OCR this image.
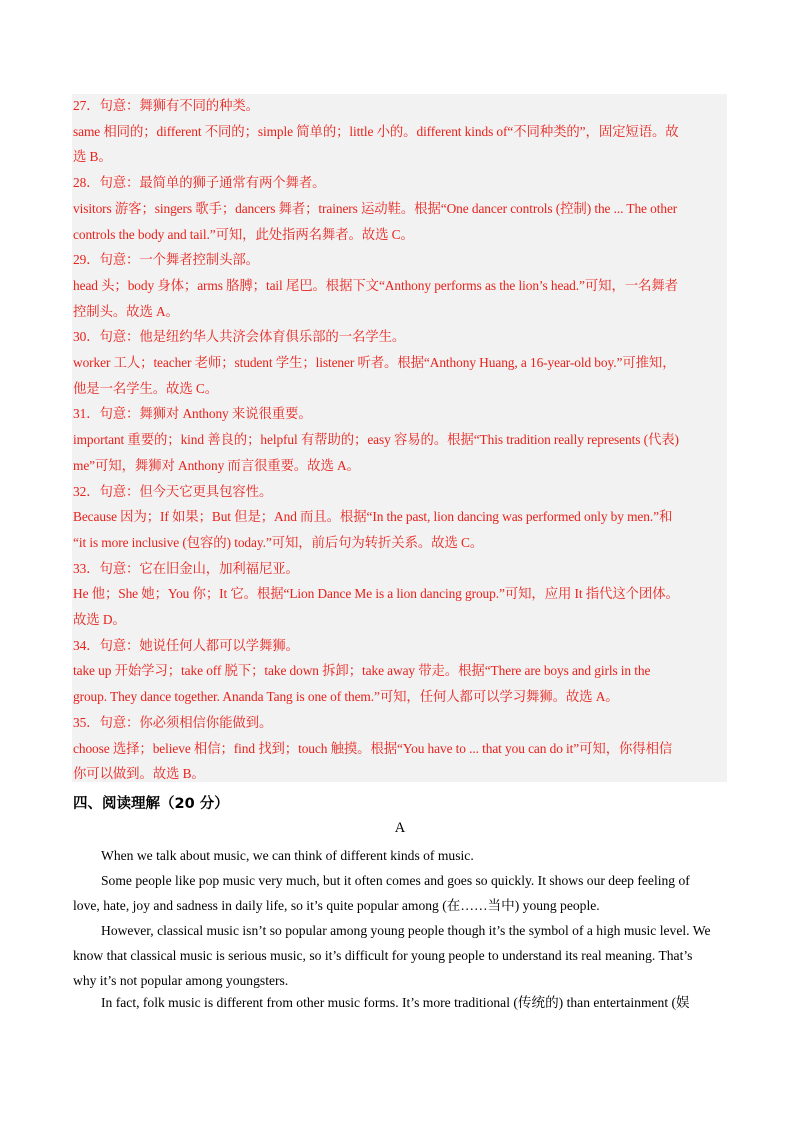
27．句意：舞狮有不同的种类。
same 相同的；different 不同的；simple 简单的；little 小的。different kinds of“不同种类的”，固定短语。故
选 B。
28．句意：最简单的狮子通常有两个舞者。
visitors 游客；singers 歌手；dancers 舞者；trainers 运动鞋。根据“One dancer controls (控制) the ... The other
controls the body and tail.”可知，此处指两名舞者。故选 C。
29．句意：一个舞者控制头部。
head 头；body 身体；arms 胳膊；tail 尾巴。根据下文“Anthony performs as the lion’s head.”可知，一名舞者
控制头。故选 A。
30．句意：他是纽约华人共济会体育俱乐部的一名学生。
worker 工人；teacher 老师；student 学生；listener 听者。根据“Anthony Huang, a 16-year-old boy.”可推知，
他是一名学生。故选 C。
31．句意：舞狮对 Anthony 来说很重要。
important 重要的；kind 善良的；helpful 有帮助的；easy 容易的。根据“This tradition really represents (代表)
me”可知，舞狮对 Anthony 而言很重要。故选 A。
32．句意：但今天它更具包容性。
Because 因为；If 如果；But 但是；And 而且。根据“In the past, lion dancing was performed only by men.”和
“it is more inclusive (包容的) today.”可知，前后句为转折关系。故选 C。
33．句意：它在旧金山，加利福尼亚。
He 他；She 她；You 你；It 它。根据“Lion Dance Me is a lion dancing group.”可知，应用 It 指代这个团体。
故选 D。
34．句意：她说任何人都可以学舞狮。
take up 开始学习；take off 脱下；take down 拆卸；take away 带走。根据“There are boys and girls in the
group. They dance together. Ananda Tang is one of them.”可知，任何人都可以学习舞狮。故选 A。
35．句意：你必须相信你能做到。
choose 选择；believe 相信；find 找到；touch 触摸。根据“You have to ... that you can do it”可知，你得相信
你可以做到。故选 B。
四、阅读理解（20 分）
A
When we talk about music, we can think of different kinds of music.
Some people like pop music very much, but it often comes and goes so quickly. It shows our deep feeling of
love, hate, joy and sadness in daily life, so it’s quite popular among (在……当中) young people.
However, classical music isn’t so popular among young people though it’s the symbol of a high music level. We
know that classical music is serious music, so it’s difficult for young people to understand its real meaning. That’s
why it’s not popular among youngsters.
In fact, folk music is different from other music forms. It’s more traditional (传统的) than entertainment (娱
